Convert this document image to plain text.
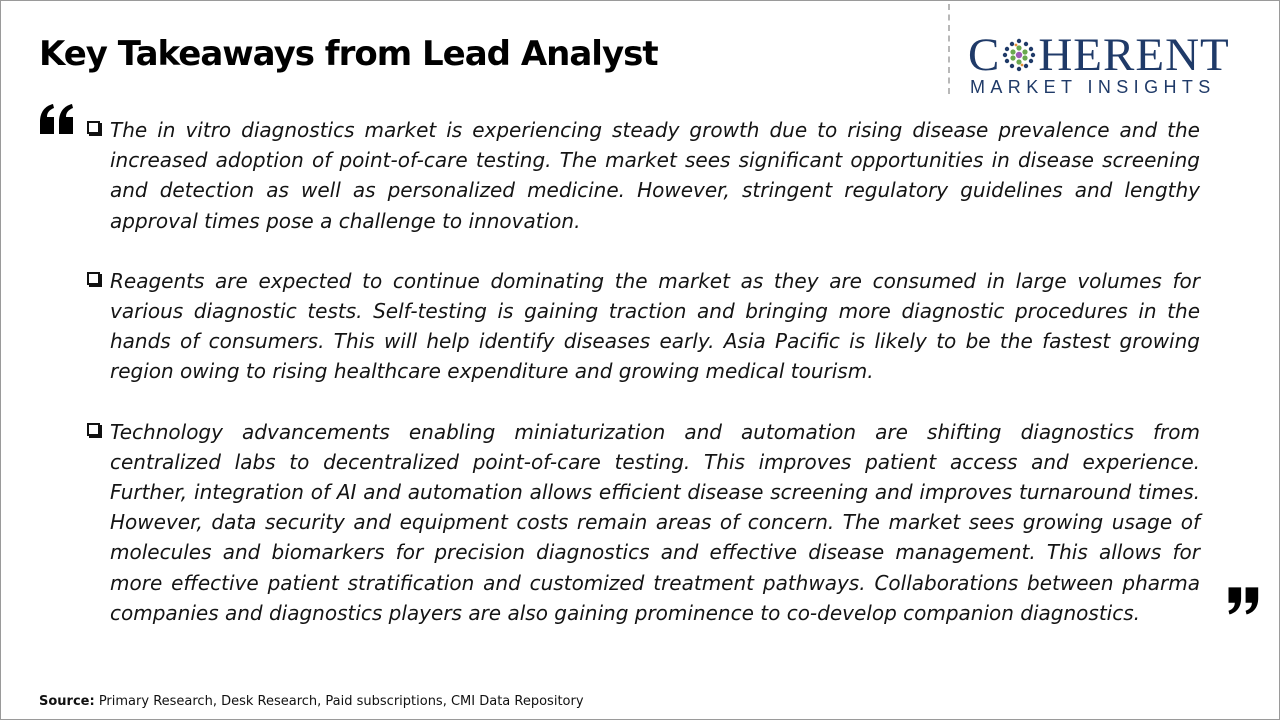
Key Takeaways from Lead Analyst	C HERENT
MARKET INSIGHTS
The in vitro diagnostics market is experiencing steady growth due to rising disease prevalence and the increased adoption of point-of-care testing. The market sees significant opportunities in disease screening and detection as well as personalized medicine. However, stringent regulatory guidelines and lengthy approval times pose a challenge to innovation.
Reagents are expected to continue dominating the market as they are consumed in large volumes for various diagnostic tests. Self-testing is gaining traction and bringing more diagnostic procedures in the hands of consumers. This will help identify diseases early. Asia Pacific is likely to be the fastest growing region owing to rising healthcare expenditure and growing medical tourism.
Technology advancements enabling miniaturization and automation are shifting diagnostics from centralized labs to decentralized point-of-care testing. This improves patient access and experience. Further, integration of AI and automation allows efficient disease screening and improves turnaround times. However, data security and equipment costs remain areas of concern. The market sees growing usage of molecules and biomarkers for precision diagnostics and effective disease management. This allows for more effective patient stratification and customized treatment pathways. Collaborations between pharma companies and diagnostics players are also gaining prominence to co-develop companion diagnostics.
Source: Primary Research, Desk Research, Paid subscriptions, CMI Data Repository
